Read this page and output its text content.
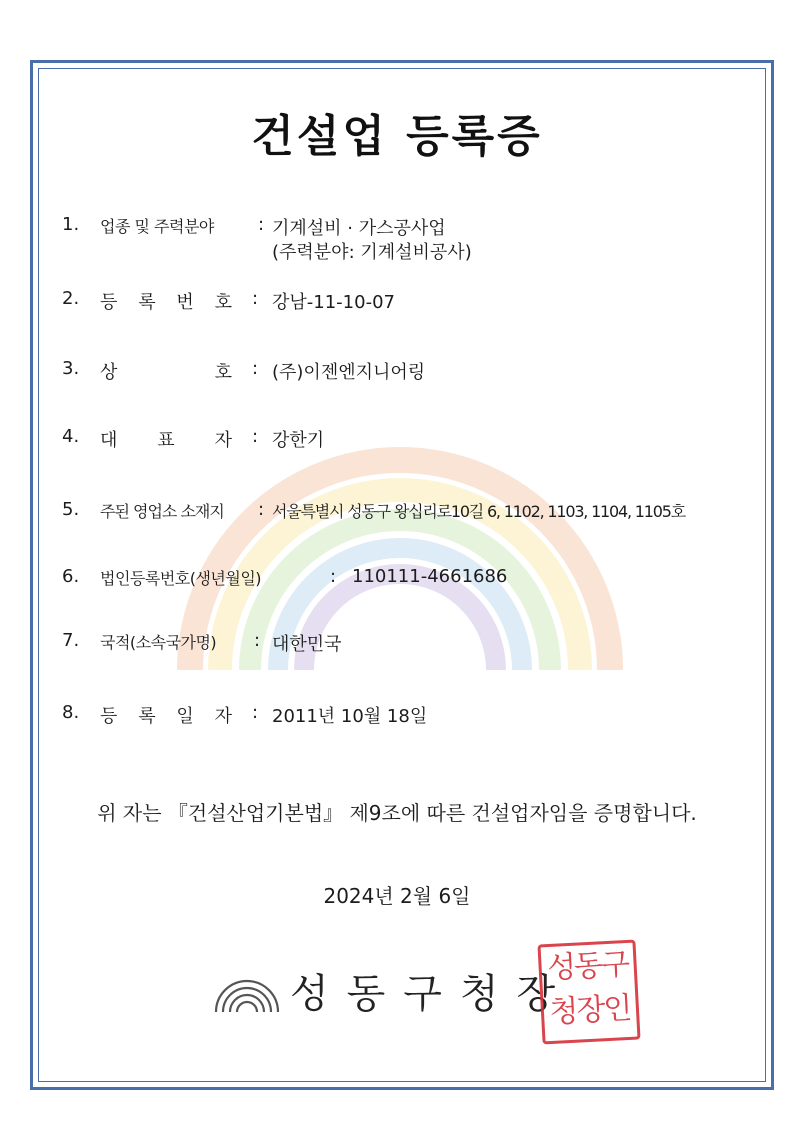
건설업 등록증
1. 업종 및 주력분야 : 기계설비 · 가스공사업
(주력분야: 기계설비공사)
2. 등 록 번 호 : 강남-11-10-07
3. 상 호 : (주)이젠엔지니어링
4. 대 표 자 : 강한기
5. 주된 영업소 소재지 : 서울특별시 성동구 왕십리로10길 6, 1102, 1103, 1104, 1105호
6. 법인등록번호(생년월일)	: 110111-4661686
7. 국적(소속국가명) : 대한민국
8. 등 록 일 자 : 2011년 10월 18일
위 자는 『건설산업기본법』 제9조에 따른 건설업자임을 증명합니다.
2024년 2월 6일
성동구청장
성동구
청장인
